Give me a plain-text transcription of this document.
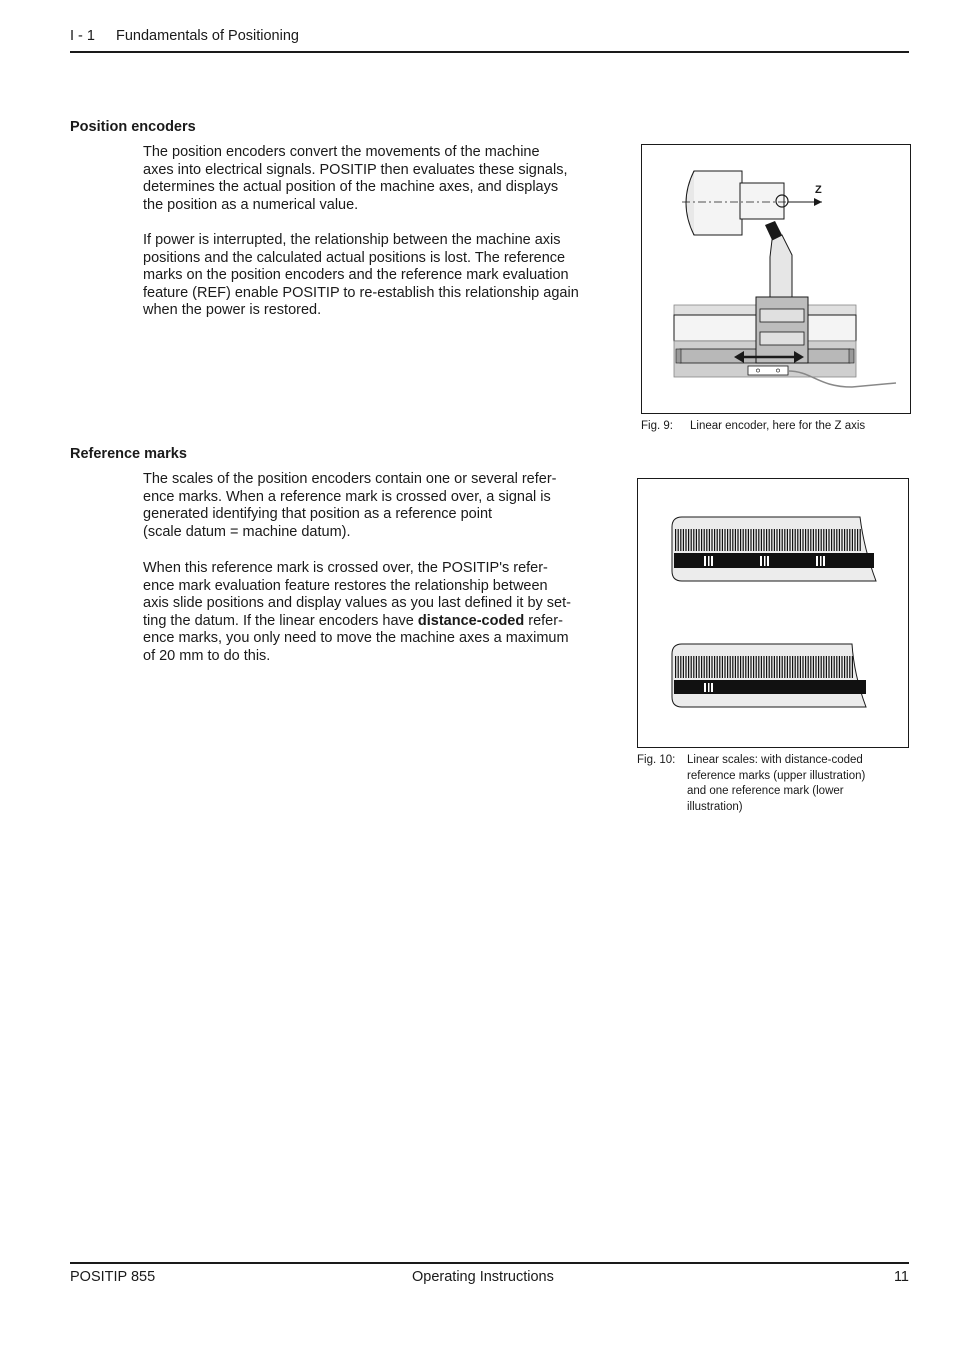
I - 1 Fundamentals of Positioning
Position encoders
The position encoders convert the movements of the machine
axes into electrical signals. POSITIP then evaluates these signals,
determines the actual position of the machine axes, and displays
the position as a numerical value.
If power is interrupted, the relationship between the machine axis
positions and the calculated actual positions is lost. The reference
marks on the position encoders and the reference mark evaluation
feature (REF) enable POSITIP to re-establish this relationship again
when the power is restored.
Z
Fig. 9: Linear encoder, here for the Z axis
Reference marks
The scales of the position encoders contain one or several refer-
ence marks. When a reference mark is crossed over, a signal is
generated identifying that position as a reference point
(scale datum = machine datum).
When this reference mark is crossed over, the POSITIP's refer-
ence mark evaluation feature restores the relationship between
axis slide positions and display values as you last defined it by set-
ting the datum. If the linear encoders have distance-coded refer-
ence marks, you only need to move the machine axes a maximum
of 20 mm to do this.
Fig. 10: Linear scales: with distance-coded
reference marks (upper illustration)
and one reference mark (lower
illustration)
POSITIP 855	Operating Instructions	11
